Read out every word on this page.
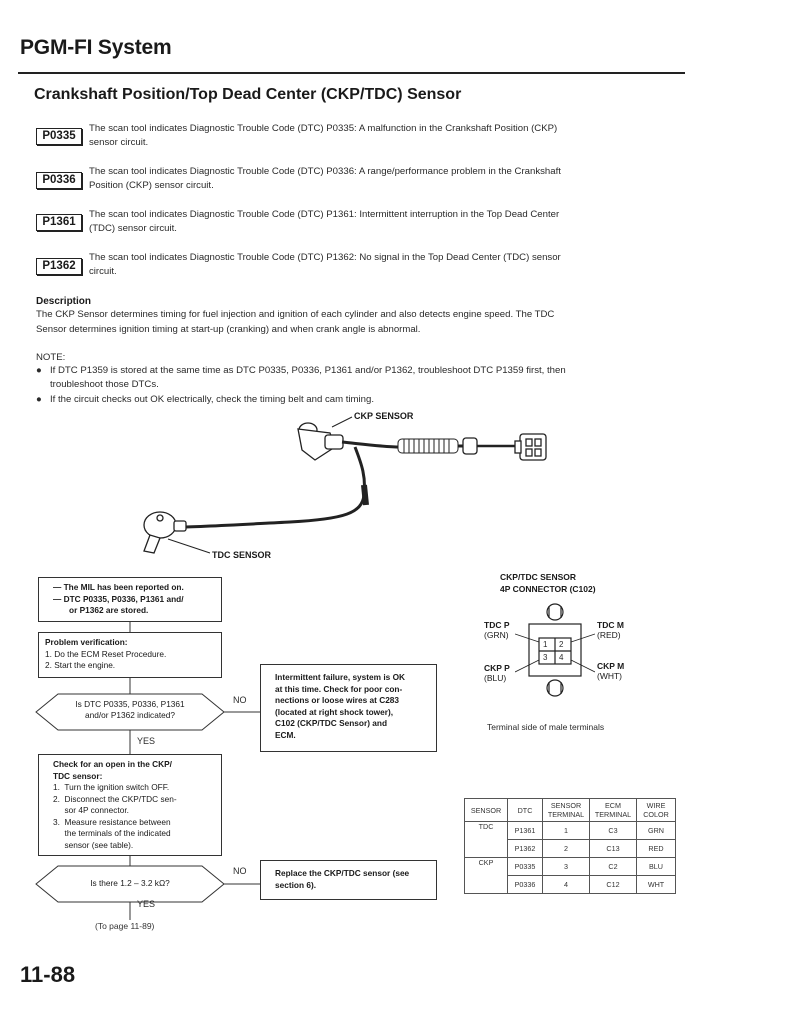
PGM-FI System
Crankshaft Position/Top Dead Center (CKP/TDC) Sensor
P0335
The scan tool indicates Diagnostic Trouble Code (DTC) P0335: A malfunction in the Crankshaft Position (CKP)
sensor circuit.
P0336
The scan tool indicates Diagnostic Trouble Code (DTC) P0336: A range/performance problem in the Crankshaft
Position (CKP) sensor circuit.
P1361
The scan tool indicates Diagnostic Trouble Code (DTC) P1361: Intermittent interruption in the Top Dead Center
(TDC) sensor circuit.
P1362
The scan tool indicates Diagnostic Trouble Code (DTC) P1362: No signal in the Top Dead Center (TDC) sensor
circuit.
Description
The CKP Sensor determines timing for fuel injection and ignition of each cylinder and also detects engine speed. The TDC
Sensor determines ignition timing at start-up (cranking) and when crank angle is abnormal.
NOTE:
● If DTC P1359 is stored at the same time as DTC P0335, P0336, P1361 and/or P1362, troubleshoot DTC P1359 first, then
troubleshoot those DTCs.
● If the circuit checks out OK electrically, check the timing belt and cam timing.
CKP SENSOR
TDC SENSOR
CKP/TDC SENSOR
4P CONNECTOR (C102)
TDC P
(GRN)
TDC M
(RED)
CKP P
(BLU)
CKP M
(WHT)
1 2
3 4
Terminal side of male terminals
— The MIL has been reported on.
— DTC P0335, P0336, P1361 and/
or P1362 are stored.
Problem verification:
1. Do the ECM Reset Procedure.
2. Start the engine.
Is DTC P0335, P0336, P1361
and/or P1362 indicated?
NO
YES
Intermittent failure, system is OK
at this time. Check for poor con-
nections or loose wires at C283
(located at right shock tower),
C102 (CKP/TDC Sensor) and
ECM.
Check for an open in the CKP/
TDC sensor:
1.  Turn the ignition switch OFF.
2.  Disconnect the CKP/TDC sen-
sor 4P connector.
3.  Measure resistance between
the terminals of the indicated
sensor (see table).
Is there 1.2 – 3.2 kΩ?
NO
YES
Replace the CKP/TDC sensor (see
section 6).
(To page 11-89)
SENSOR	DTC	SENSOR TERMINAL	ECM TERMINAL	WIRE COLOR
TDC	P1361	1	C3	GRN
	P1362	2	C13	RED
CKP	P0335	3	C2	BLU
	P0336	4	C12	WHT
11-88
